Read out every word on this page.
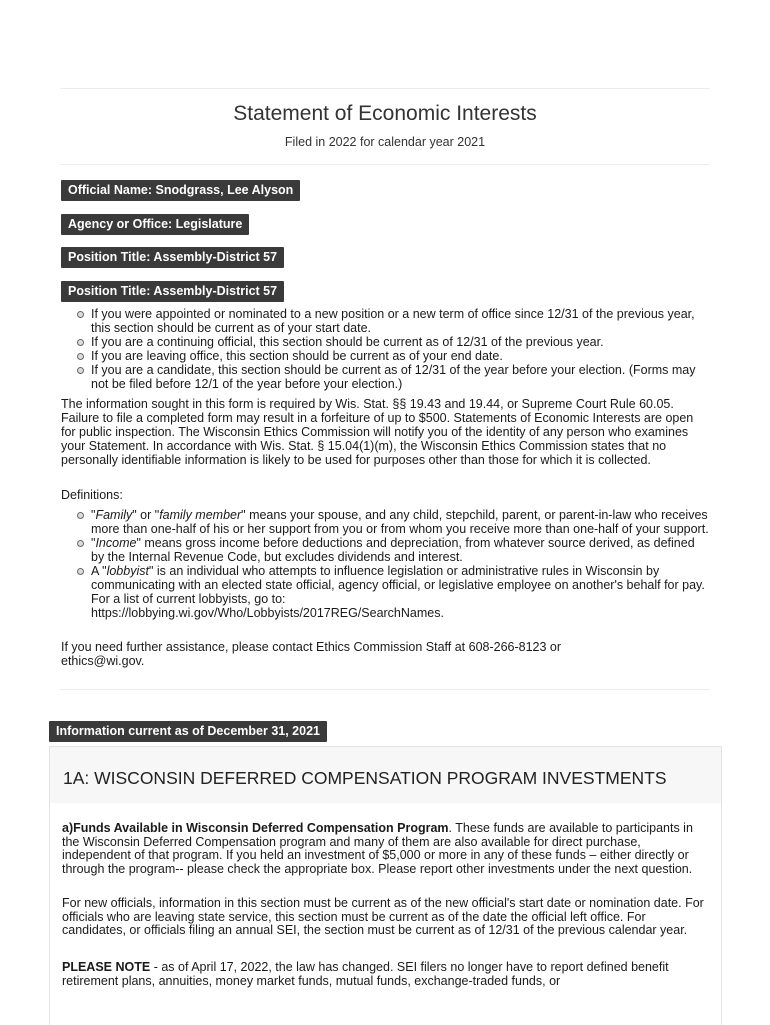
Statement of Economic Interests
Filed in 2022 for calendar year 2021
Official Name: Snodgrass, Lee Alyson
Agency or Office: Legislature
Position Title: Assembly-District 57
Position Title: Assembly-District 57
If you were appointed or nominated to a new position or a new term of office since 12/31 of the previous year, this section should be current as of your start date.
If you are a continuing official, this section should be current as of 12/31 of the previous year.
If you are leaving office, this section should be current as of your end date.
If you are a candidate, this section should be current as of 12/31 of the year before your election. (Forms may not be filed before 12/1 of the year before your election.)
The information sought in this form is required by Wis. Stat. §§ 19.43 and 19.44, or Supreme Court Rule 60.05. Failure to file a completed form may result in a forfeiture of up to $500. Statements of Economic Interests are open for public inspection. The Wisconsin Ethics Commission will notify you of the identity of any person who examines your Statement. In accordance with Wis. Stat. § 15.04(1)(m), the Wisconsin Ethics Commission states that no personally identifiable information is likely to be used for purposes other than those for which it is collected.
Definitions:
"Family" or "family member" means your spouse, and any child, stepchild, parent, or parent-in-law who receives more than one-half of his or her support from you or from whom you receive more than one-half of your support.
"Income" means gross income before deductions and depreciation, from whatever source derived, as defined by the Internal Revenue Code, but excludes dividends and interest.
A "lobbyist" is an individual who attempts to influence legislation or administrative rules in Wisconsin by communicating with an elected state official, agency official, or legislative employee on another's behalf for pay. For a list of current lobbyists, go to:
https://lobbying.wi.gov/Who/Lobbyists/2017REG/SearchNames.
If you need further assistance, please contact Ethics Commission Staff at 608-266-8123 or
ethics@wi.gov.
Information current as of December 31, 2021
1A: WISCONSIN DEFERRED COMPENSATION PROGRAM INVESTMENTS
a)Funds Available in Wisconsin Deferred Compensation Program. These funds are available to participants in the Wisconsin Deferred Compensation program and many of them are also available for direct purchase, independent of that program. If you held an investment of $5,000 or more in any of these funds – either directly or through the program-- please check the appropriate box. Please report other investments under the next question.
For new officials, information in this section must be current as of the new official's start date or nomination date. For officials who are leaving state service, this section must be current as of the date the official left office. For candidates, or officials filing an annual SEI, the section must be current as of 12/31 of the previous calendar year.
PLEASE NOTE - as of April 17, 2022, the law has changed. SEI filers no longer have to report defined benefit retirement plans, annuities, money market funds, mutual funds, exchange-traded funds, or
